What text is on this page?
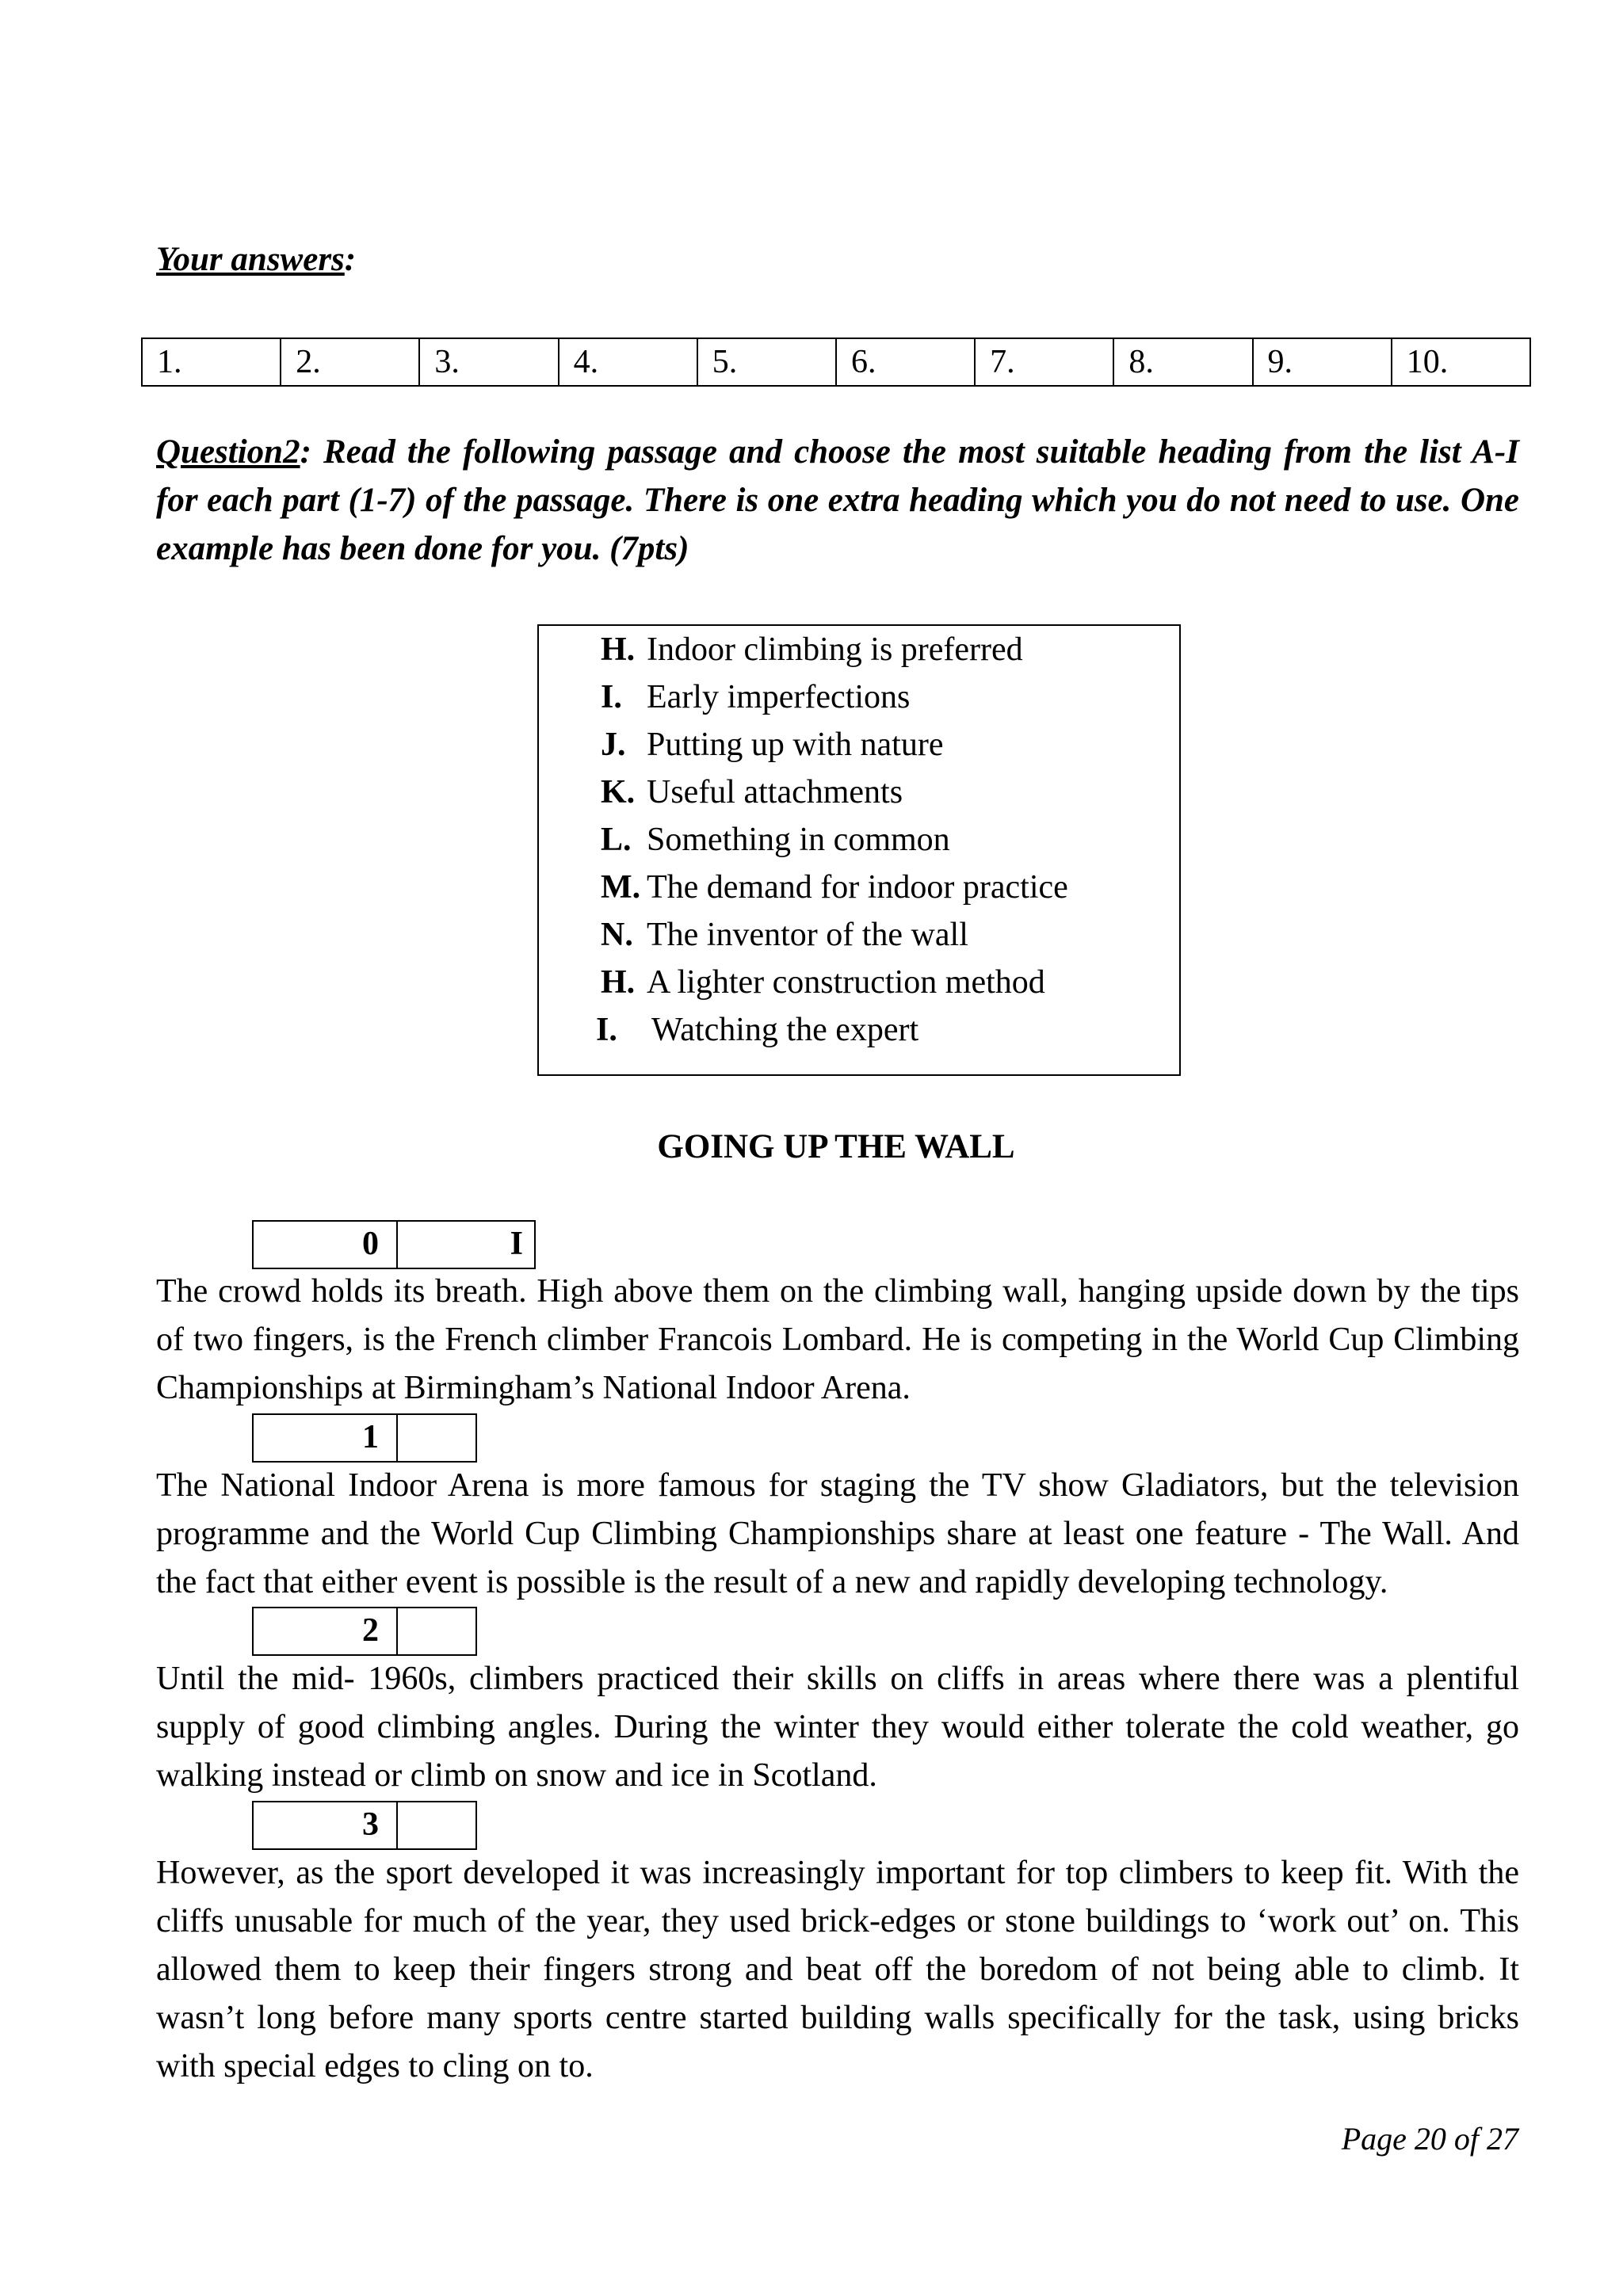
Your answers:
1.	2.	3.	4.	5.	6.	7.	8.	9.	10.
Question2: Read the following passage and choose the most suitable heading from the list A-I for each part (1-7) of the passage. There is one extra heading which you do not need to use. One example has been done for you. (7pts)
H. Indoor climbing is preferred
I. Early imperfections
J. Putting up with nature
K. Useful attachments
L. Something in common
M. The demand for indoor practice
N. The inventor of the wall
H. A lighter construction method
I. Watching the expert
GOING UP THE WALL
0	I
The crowd holds its breath. High above them on the climbing wall, hanging upside down by the tips of two fingers, is the French climber Francois Lombard. He is competing in the World Cup Climbing Championships at Birmingham’s National Indoor Arena.
1
The National Indoor Arena is more famous for staging the TV show Gladiators, but the television programme and the World Cup Climbing Championships share at least one feature - The Wall. And the fact that either event is possible is the result of a new and rapidly developing technology.
2
Until the mid- 1960s, climbers practiced their skills on cliffs in areas where there was a plentiful supply of good climbing angles. During the winter they would either tolerate the cold weather, go walking instead or climb on snow and ice in Scotland.
3
However, as the sport developed it was increasingly important for top climbers to keep fit. With the cliffs unusable for much of the year, they used brick-edges or stone buildings to ‘work out’ on. This allowed them to keep their fingers strong and beat off the boredom of not being able to climb. It wasn’t long before many sports centre started building walls specifically for the task, using bricks with special edges to cling on to.
Page 20 of 27
